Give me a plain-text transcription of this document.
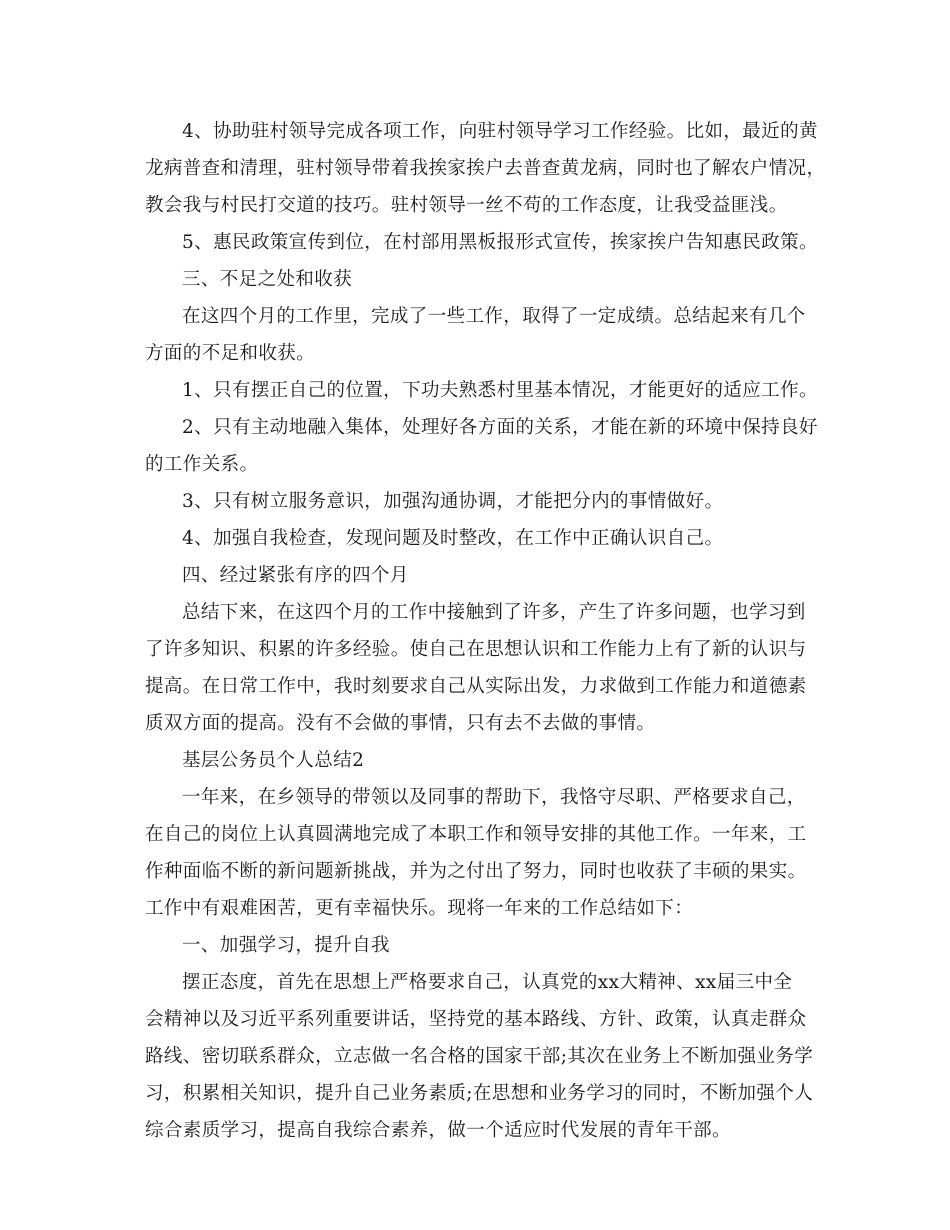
4、协助驻村领导完成各项工作，向驻村领导学习工作经验。比如，最近的黄
龙病普查和清理，驻村领导带着我挨家挨户去普查黄龙病，同时也了解农户情况，
教会我与村民打交道的技巧。驻村领导一丝不苟的工作态度，让我受益匪浅。
5、惠民政策宣传到位，在村部用黑板报形式宣传，挨家挨户告知惠民政策。
三、不足之处和收获
在这四个月的工作里，完成了一些工作，取得了一定成绩。总结起来有几个
方面的不足和收获。
1、只有摆正自己的位置，下功夫熟悉村里基本情况，才能更好的适应工作。
2、只有主动地融入集体，处理好各方面的关系，才能在新的环境中保持良好
的工作关系。
3、只有树立服务意识，加强沟通协调，才能把分内的事情做好。
4、加强自我检查，发现问题及时整改，在工作中正确认识自己。
四、经过紧张有序的四个月
总结下来，在这四个月的工作中接触到了许多，产生了许多问题，也学习到
了许多知识、积累的许多经验。使自己在思想认识和工作能力上有了新的认识与
提高。在日常工作中，我时刻要求自己从实际出发，力求做到工作能力和道德素
质双方面的提高。没有不会做的事情，只有去不去做的事情。
基层公务员个人总结2
一年来，在乡领导的带领以及同事的帮助下，我恪守尽职、严格要求自己，
在自己的岗位上认真圆满地完成了本职工作和领导安排的其他工作。一年来，工
作种面临不断的新问题新挑战，并为之付出了努力，同时也收获了丰硕的果实。
工作中有艰难困苦，更有幸福快乐。现将一年来的工作总结如下：
一、加强学习，提升自我
摆正态度，首先在思想上严格要求自己，认真党的xx大精神、xx届三中全
会精神以及习近平系列重要讲话，坚持党的基本路线、方针、政策，认真走群众
路线、密切联系群众，立志做一名合格的国家干部;其次在业务上不断加强业务学
习，积累相关知识，提升自己业务素质;在思想和业务学习的同时，不断加强个人
综合素质学习，提高自我综合素养，做一个适应时代发展的青年干部。
